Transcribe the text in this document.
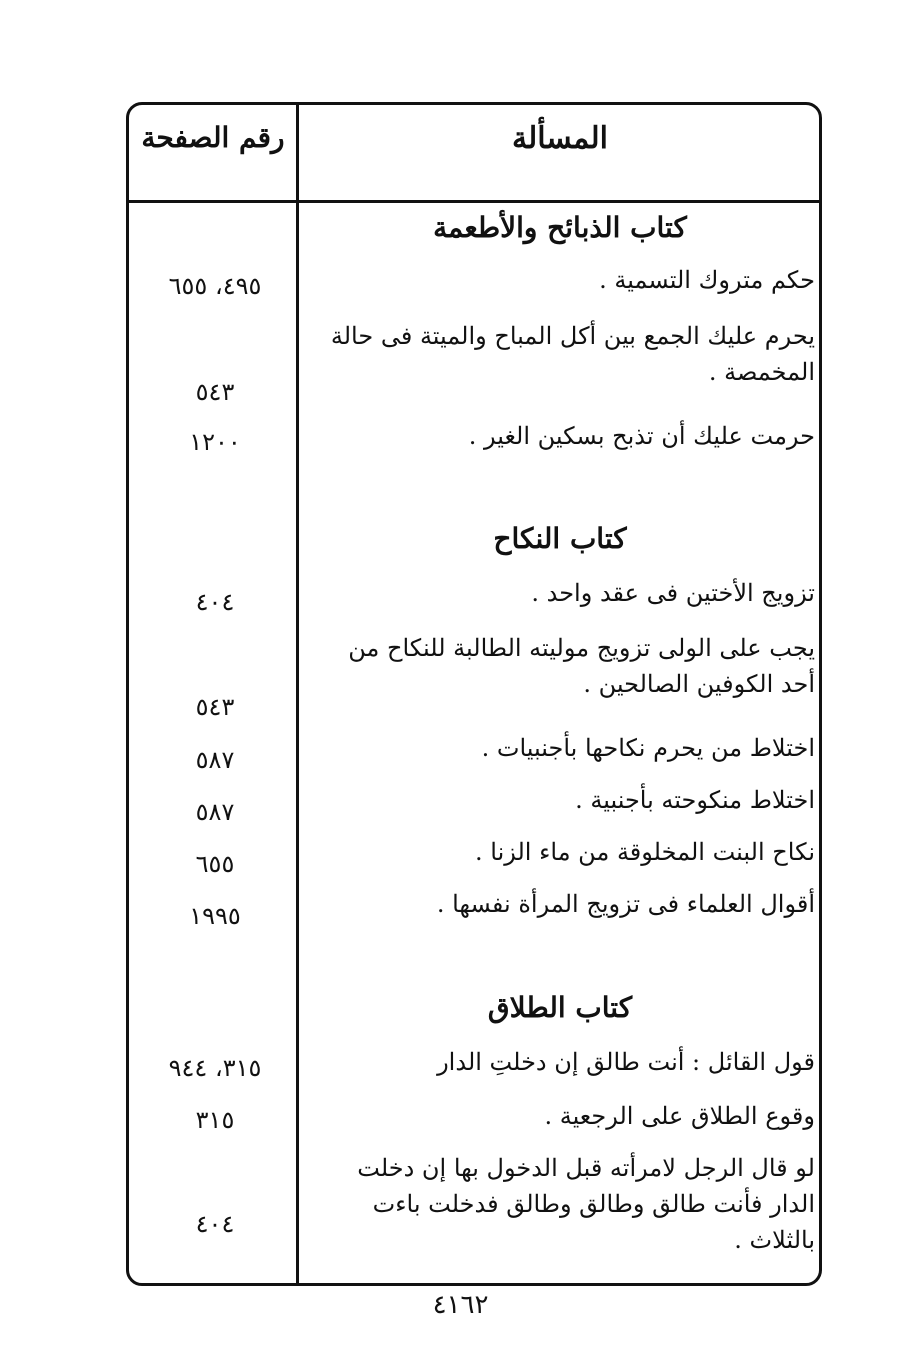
المسألة
رقم الصفحة
كتاب الذبائح والأطعمة
حكم متروك التسمية .
٤٩٥، ٦٥٥
يحرم عليك الجمع بين أكل المباح والميتة فى حالة المخمصة .
٥٤٣
حرمت عليك أن تذبح بسكين الغير .
١٢٠٠
كتاب النكاح
تزويج الأختين فى عقد واحد .
٤٠٤
يجب على الولى تزويج موليته الطالبة للنكاح من أحد الكوفين الصالحين .
٥٤٣
اختلاط من يحرم نكاحها بأجنبيات .
٥٨٧
اختلاط منكوحته بأجنبية .
٥٨٧
نكاح البنت المخلوقة من ماء الزنا .
٦٥٥
أقوال العلماء فى تزويج المرأة نفسها .
١٩٩٥
كتاب الطلاق
قول القائل : أنت طالق إن دخلتِ الدار
٣١٥، ٩٤٤
وقوع الطلاق على الرجعية .
٣١٥
لو قال الرجل لامرأته قبل الدخول بها إن دخلت الدار فأنت طالق وطالق وطالق فدخلت باءت بالثلاث .
٤٠٤
٤١٦٢
